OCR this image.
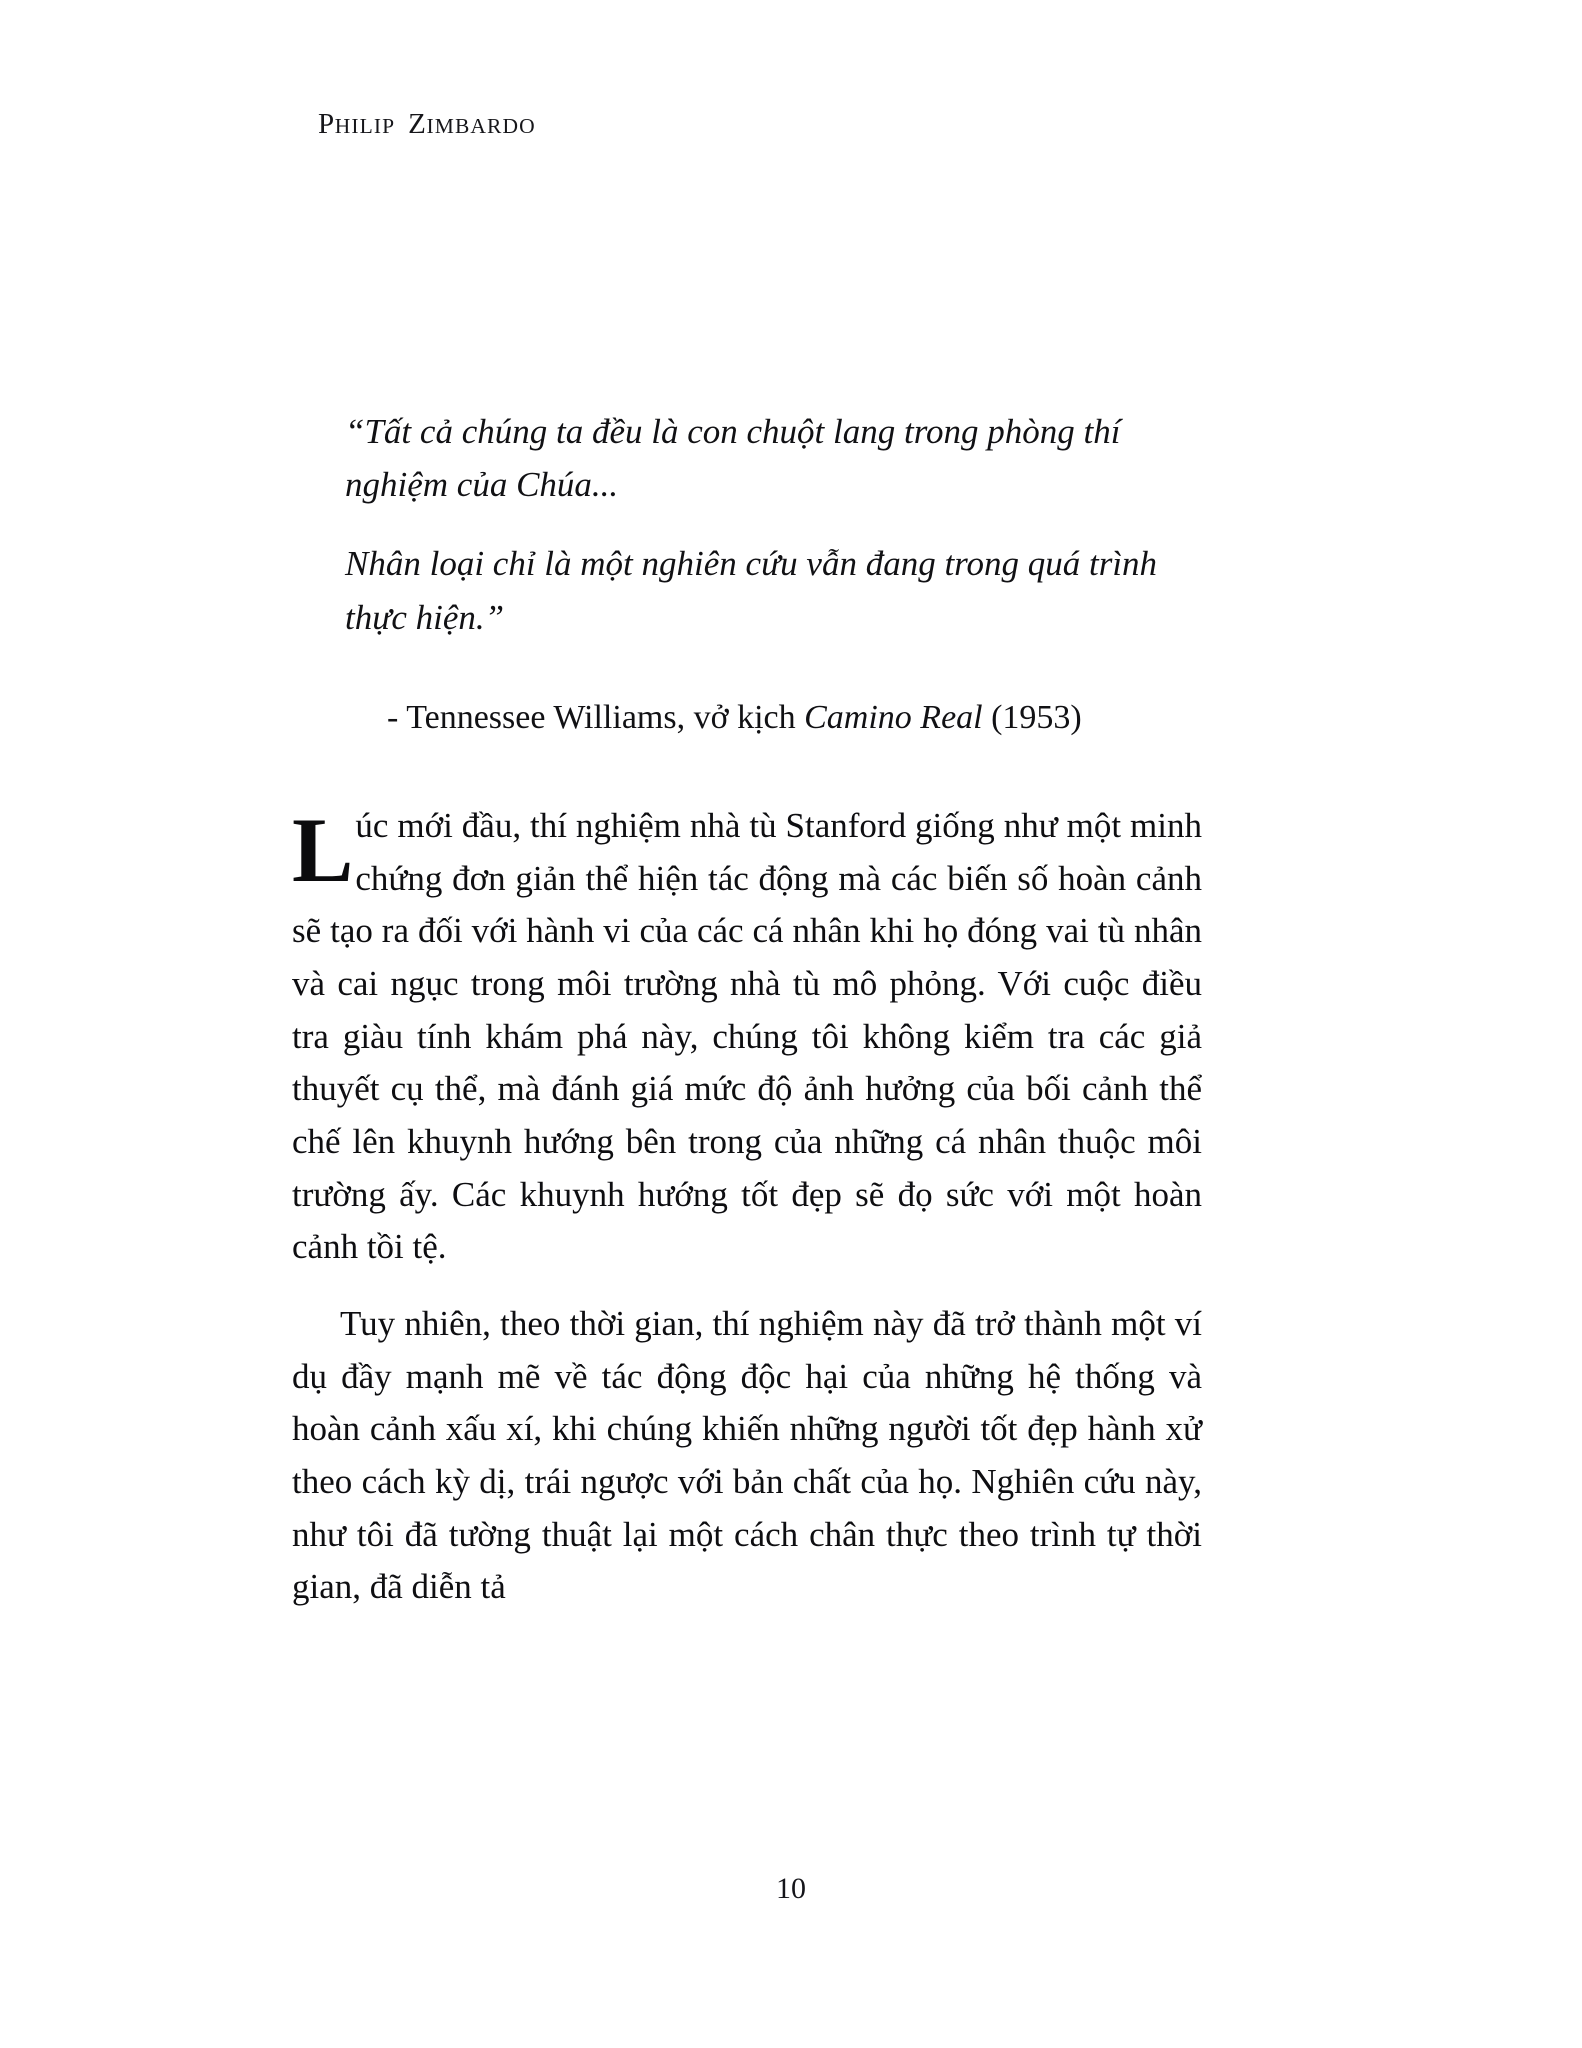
PHILIP ZIMBARDO

“Tất cả chúng ta đều là con chuột lang trong phòng thí nghiệm của Chúa...

Nhân loại chỉ là một nghiên cứu vẫn đang trong quá trình thực hiện.”

- Tennessee Williams, vở kịch Camino Real (1953)

Lúc mới đầu, thí nghiệm nhà tù Stanford giống như một minh chứng đơn giản thể hiện tác động mà các biến số hoàn cảnh sẽ tạo ra đối với hành vi của các cá nhân khi họ đóng vai tù nhân và cai ngục trong môi trường nhà tù mô phỏng. Với cuộc điều tra giàu tính khám phá này, chúng tôi không kiểm tra các giả thuyết cụ thể, mà đánh giá mức độ ảnh hưởng của bối cảnh thể chế lên khuynh hướng bên trong của những cá nhân thuộc môi trường ấy. Các khuynh hướng tốt đẹp sẽ đọ sức với một hoàn cảnh tồi tệ.

Tuy nhiên, theo thời gian, thí nghiệm này đã trở thành một ví dụ đầy mạnh mẽ về tác động độc hại của những hệ thống và hoàn cảnh xấu xí, khi chúng khiến những người tốt đẹp hành xử theo cách kỳ dị, trái ngược với bản chất của họ. Nghiên cứu này, như tôi đã tường thuật lại một cách chân thực theo trình tự thời gian, đã diễn tả

10
